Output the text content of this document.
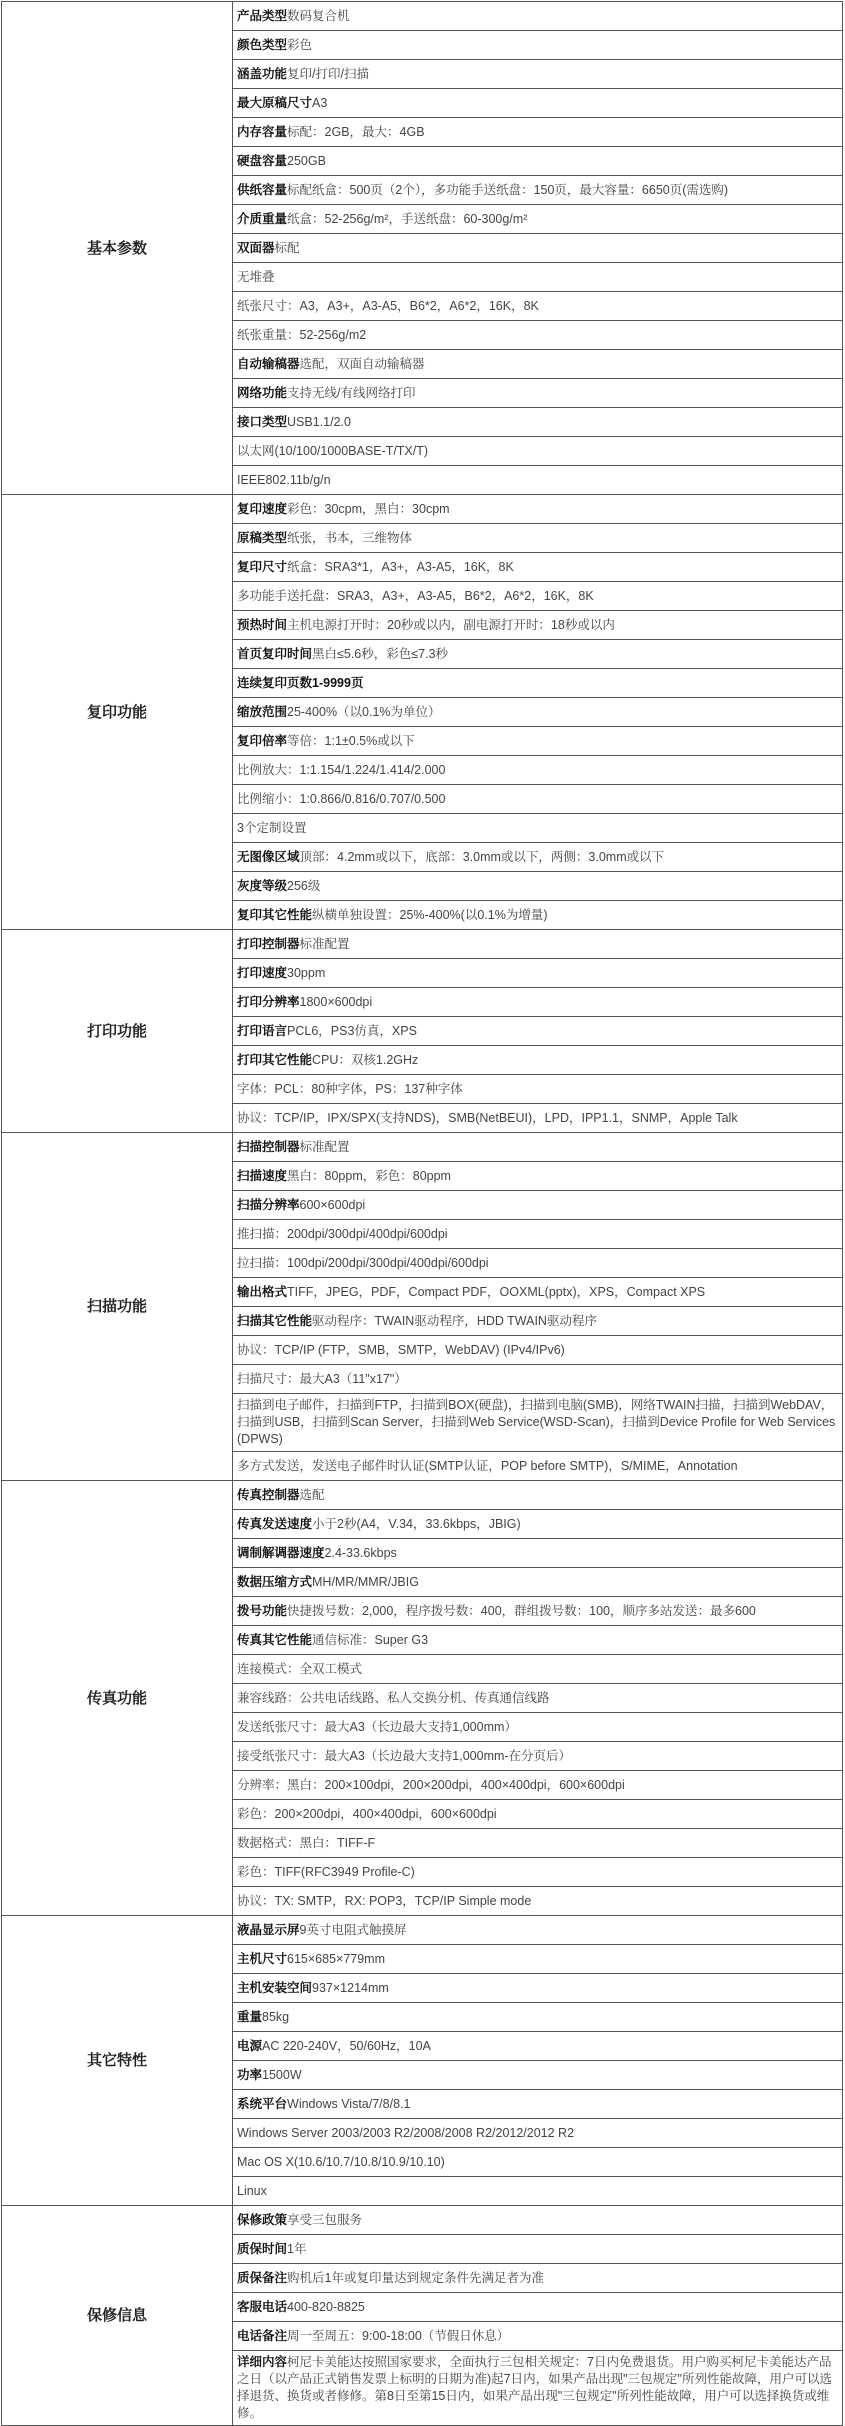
基本参数	产品类型数码复合机
	颜色类型彩色
	涵盖功能复印/打印/扫描
	最大原稿尺寸A3
	内存容量标配：2GB，最大：4GB
	硬盘容量250GB
	供纸容量标配纸盒：500页（2个），多功能手送纸盘：150页，最大容量：6650页(需选购)
	介质重量纸盒：52-256g/m²，手送纸盘：60-300g/m²
	双面器标配
	无堆叠
	纸张尺寸：A3，A3+，A3-A5，B6*2，A6*2，16K，8K
	纸张重量：52-256g/m2
	自动输稿器选配，双面自动输稿器
	网络功能支持无线/有线网络打印
	接口类型USB1.1/2.0
	以太网(10/100/1000BASE-T/TX/T)
	IEEE802.11b/g/n
复印功能	复印速度彩色：30cpm，黑白：30cpm
	原稿类型纸张，书本，三维物体
	复印尺寸纸盒：SRA3*1，A3+，A3-A5，16K，8K
	多功能手送托盘：SRA3，A3+，A3-A5，B6*2，A6*2，16K，8K
	预热时间主机电源打开时：20秒或以内，副电源打开时：18秒或以内
	首页复印时间黑白≤5.6秒，彩色≤7.3秒
	连续复印页数1-9999页
	缩放范围25-400%（以0.1%为单位）
	复印倍率等倍：1:1±0.5%或以下
	比例放大：1:1.154/1.224/1.414/2.000
	比例缩小：1:0.866/0.816/0.707/0.500
	3个定制设置
	无图像区域顶部：4.2mm或以下，底部：3.0mm或以下，两侧：3.0mm或以下
	灰度等级256级
	复印其它性能纵横单独设置：25%-400%(以0.1%为增量)
打印功能	打印控制器标准配置
	打印速度30ppm
	打印分辨率1800×600dpi
	打印语言PCL6，PS3仿真，XPS
	打印其它性能CPU：双核1.2GHz
	字体：PCL：80种字体，PS：137种字体
	协议：TCP/IP，IPX/SPX(支持NDS)，SMB(NetBEUI)，LPD，IPP1.1，SNMP，Apple Talk
扫描功能	扫描控制器标准配置
	扫描速度黑白：80ppm，彩色：80ppm
	扫描分辨率600×600dpi
	推扫描：200dpi/300dpi/400dpi/600dpi
	拉扫描：100dpi/200dpi/300dpi/400dpi/600dpi
	输出格式TIFF，JPEG，PDF，Compact PDF，OOXML(pptx)，XPS，Compact XPS
	扫描其它性能驱动程序：TWAIN驱动程序，HDD TWAIN驱动程序
	协议：TCP/IP (FTP，SMB，SMTP，WebDAV) (IPv4/IPv6)
	扫描尺寸：最大A3（11"x17"）
	扫描到电子邮件，扫描到FTP，扫描到BOX(硬盘)，扫描到电脑(SMB)，网络TWAIN扫描，扫描到WebDAV，扫描到USB，扫描到Scan Server，扫描到Web Service(WSD-Scan)，扫描到Device Profile for Web Services (DPWS)
	多方式发送，发送电子邮件时认证(SMTP认证，POP before SMTP)，S/MIME，Annotation
传真功能	传真控制器选配
	传真发送速度小于2秒(A4，V.34，33.6kbps，JBIG)
	调制解调器速度2.4-33.6kbps
	数据压缩方式MH/MR/MMR/JBIG
	拨号功能快捷拨号数：2,000，程序拨号数：400，群组拨号数：100，顺序多站发送：最多600
	传真其它性能通信标准：Super G3
	连接模式：全双工模式
	兼容线路：公共电话线路、私人交换分机、传真通信线路
	发送纸张尺寸：最大A3（长边最大支持1,000mm）
	接受纸张尺寸：最大A3（长边最大支持1,000mm-在分页后）
	分辨率：黑白：200×100dpi，200×200dpi，400×400dpi，600×600dpi
	彩色：200×200dpi，400×400dpi，600×600dpi
	数据格式：黑白：TIFF-F
	彩色：TIFF(RFC3949 Profile-C)
	协议：TX: SMTP，RX: POP3，TCP/IP Simple mode
其它特性	液晶显示屏9英寸电阻式触摸屏
	主机尺寸615×685×779mm
	主机安装空间937×1214mm
	重量85kg
	电源AC 220-240V，50/60Hz，10A
	功率1500W
	系统平台Windows Vista/7/8/8.1
	Windows Server 2003/2003 R2/2008/2008 R2/2012/2012 R2
	Mac OS X(10.6/10.7/10.8/10.9/10.10)
	Linux
保修信息	保修政策享受三包服务
	质保时间1年
	质保备注购机后1年或复印量达到规定条件先满足者为准
	客服电话400-820-8825
	电话备注周一至周五：9:00-18:00（节假日休息）
	详细内容柯尼卡美能达按照国家要求，全面执行三包相关规定：7日内免费退货。用户购买柯尼卡美能达产品之日（以产品正式销售发票上标明的日期为准)起7日内，如果产品出现"三包规定"所列性能故障，用户可以选择退货、换货或者修修。第8日至第15日内，如果产品出现"三包规定"所列性能故障，用户可以选择换货或维修。
